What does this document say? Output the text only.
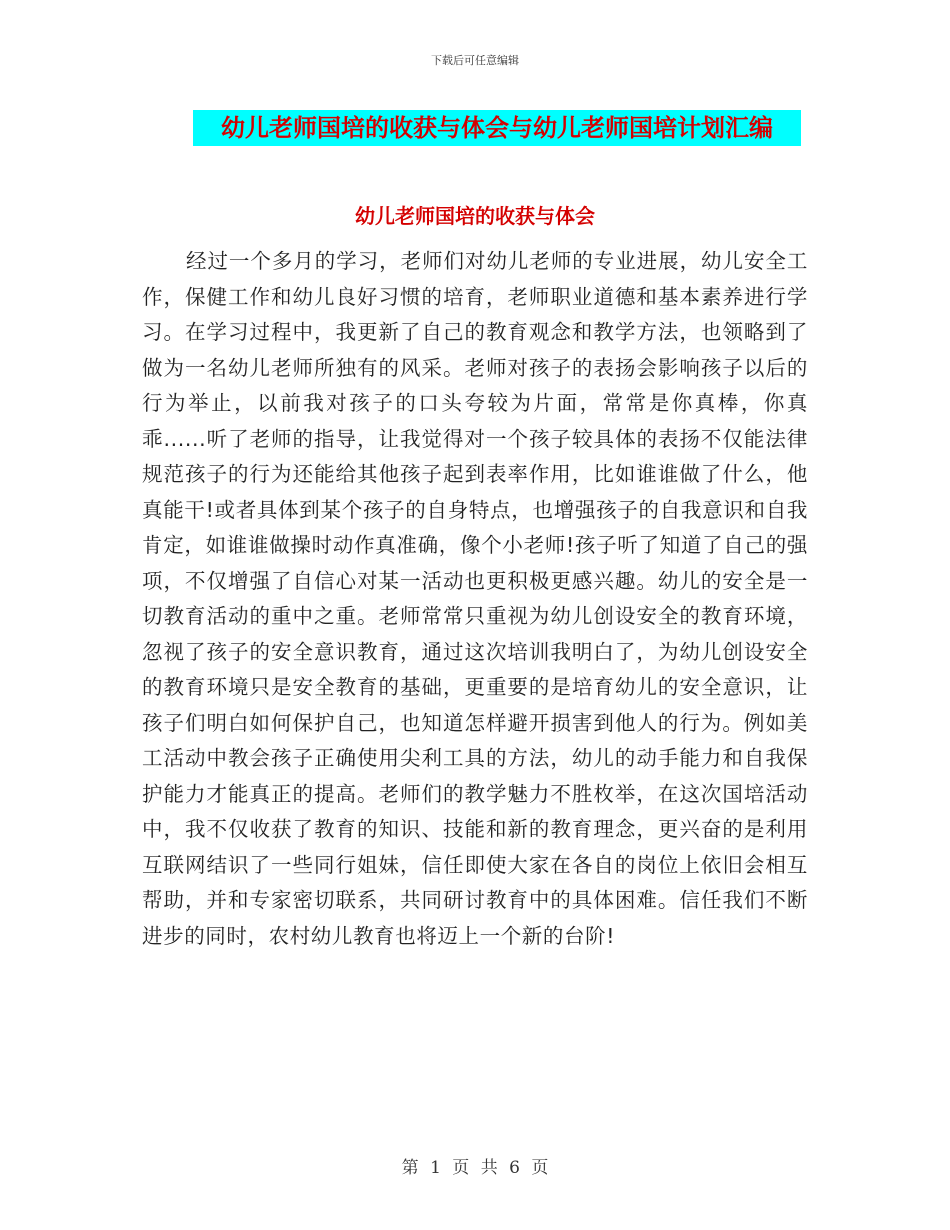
下载后可任意编辑
幼儿老师国培的收获与体会与幼儿老师国培计划汇编
幼儿老师国培的收获与体会

经过一个多月的学习，老师们对幼儿老师的专业进展，幼儿安全工作，保健工作和幼儿良好习惯的培育，老师职业道德和基本素养进行学习。在学习过程中，我更新了自己的教育观念和教学方法，也领略到了做为一名幼儿老师所独有的风采。老师对孩子的表扬会影响孩子以后的行为举止，以前我对孩子的口头夸较为片面，常常是你真棒，你真乖......听了老师的指导，让我觉得对一个孩子较具体的表扬不仅能法律规范孩子的行为还能给其他孩子起到表率作用，比如谁谁做了什么，他真能干!或者具体到某个孩子的自身特点，也增强孩子的自我意识和自我肯定，如谁谁做操时动作真准确，像个小老师!孩子听了知道了自己的强项，不仅增强了自信心对某一活动也更积极更感兴趣。幼儿的安全是一切教育活动的重中之重。老师常常只重视为幼儿创设安全的教育环境，忽视了孩子的安全意识教育，通过这次培训我明白了，为幼儿创设安全的教育环境只是安全教育的基础，更重要的是培育幼儿的安全意识，让孩子们明白如何保护自己，也知道怎样避开损害到他人的行为。例如美工活动中教会孩子正确使用尖利工具的方法，幼儿的动手能力和自我保护能力才能真正的提高。老师们的教学魅力不胜枚举，在这次国培活动中，我不仅收获了教育的知识、技能和新的教育理念，更兴奋的是利用互联网结识了一些同行姐妹，信任即使大家在各自的岗位上依旧会相互帮助，并和专家密切联系，共同研讨教育中的具体困难。信任我们不断进步的同时，农村幼儿教育也将迈上一个新的台阶!

第 1 页 共 6 页
